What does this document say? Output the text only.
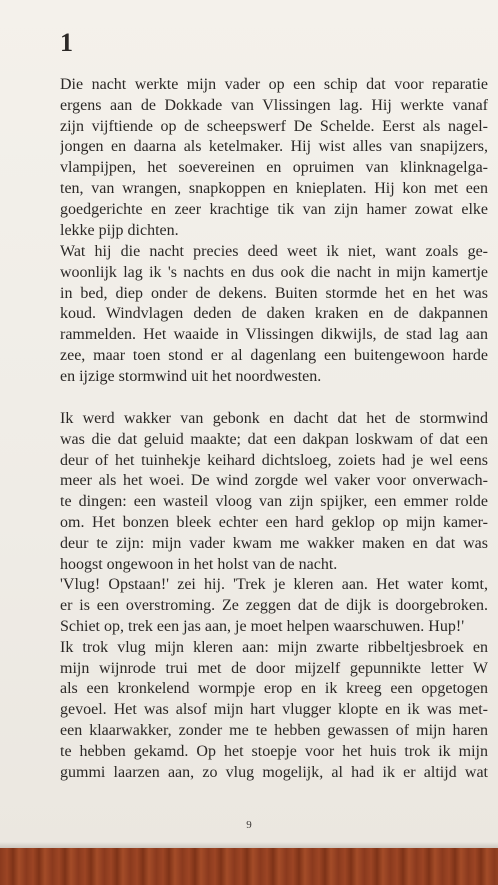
1
Die nacht werkte mijn vader op een schip dat voor reparatie
ergens aan de Dokkade van Vlissingen lag. Hij werkte vanaf
zijn vijftiende op de scheepswerf De Schelde. Eerst als nagel-
jongen en daarna als ketelmaker. Hij wist alles van snapijzers,
vlampijpen, het soevereinen en opruimen van klinknagelga-
ten, van wrangen, snapkoppen en knieplaten. Hij kon met een
goedgerichte en zeer krachtige tik van zijn hamer zowat elke
lekke pijp dichten.
Wat hij die nacht precies deed weet ik niet, want zoals ge-
woonlijk lag ik 's nachts en dus ook die nacht in mijn kamertje
in bed, diep onder de dekens. Buiten stormde het en het was
koud. Windvlagen deden de daken kraken en de dakpannen
rammelden. Het waaide in Vlissingen dikwijls, de stad lag aan
zee, maar toen stond er al dagenlang een buitengewoon harde
en ijzige stormwind uit het noordwesten.
Ik werd wakker van gebonk en dacht dat het de stormwind
was die dat geluid maakte; dat een dakpan loskwam of dat een
deur of het tuinhekje keihard dichtsloeg, zoiets had je wel eens
meer als het woei. De wind zorgde wel vaker voor onverwach-
te dingen: een wasteil vloog van zijn spijker, een emmer rolde
om. Het bonzen bleek echter een hard geklop op mijn kamer-
deur te zijn: mijn vader kwam me wakker maken en dat was
hoogst ongewoon in het holst van de nacht.
'Vlug! Opstaan!' zei hij. 'Trek je kleren aan. Het water komt,
er is een overstroming. Ze zeggen dat de dijk is doorgebroken.
Schiet op, trek een jas aan, je moet helpen waarschuwen. Hup!'
Ik trok vlug mijn kleren aan: mijn zwarte ribbeltjesbroek en
mijn wijnrode trui met de door mijzelf gepunnikte letter W
als een kronkelend wormpje erop en ik kreeg een opgetogen
gevoel. Het was alsof mijn hart vlugger klopte en ik was met-
een klaarwakker, zonder me te hebben gewassen of mijn haren
te hebben gekamd. Op het stoepje voor het huis trok ik mijn
gummi laarzen aan, zo vlug mogelijk, al had ik er altijd wat
9
